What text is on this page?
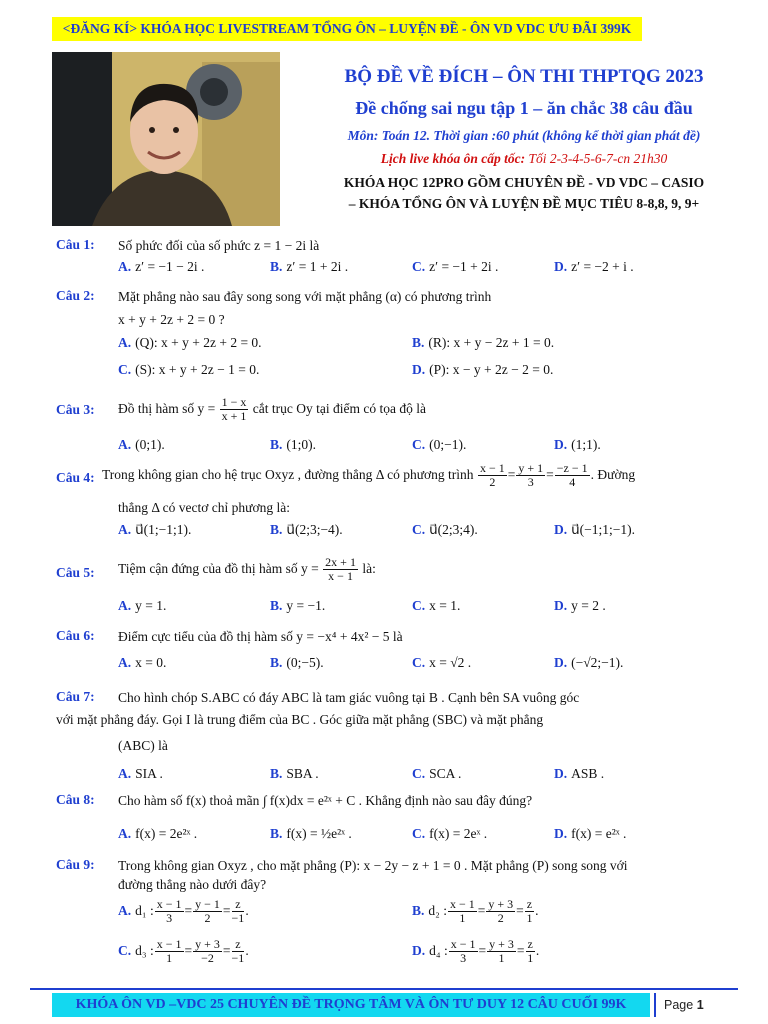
<ĐĂNG KÍ> KHÓA HỌC LIVESTREAM TỔNG ÔN – LUYỆN ĐỀ - ÔN VD VDC ƯU ĐÃI 399K
BỘ ĐỀ VỀ ĐÍCH – ÔN THI THPTQG 2023
Đề chống sai ngu tập 1 – ăn chắc 38 câu đầu
Môn: Toán 12. Thời gian :60 phút (không kể thời gian phát đề)
Lịch live khóa ôn cấp tốc: Tối 2-3-4-5-6-7-cn 21h30
KHÓA HỌC 12PRO GỒM CHUYÊN ĐỀ - VD VDC – CASIO
– KHÓA TỔNG ÔN VÀ LUYỆN ĐỀ MỤC TIÊU 8-8,8, 9, 9+
Câu 1: Số phức đối của số phức z = 1 − 2i là
A. z′ = −1 − 2i .	B. z′ = 1 + 2i .	C. z′ = −1 + 2i .	D. z′ = −2 + i .
Câu 2: Mặt phẳng nào sau đây song song với mặt phẳng (α) có phương trình
x + y + 2z + 2 = 0 ?
A. (Q): x + y + 2z + 2 = 0.	B. (R): x + y − 2z + 1 = 0.
C. (S): x + y + 2z − 1 = 0.	D. (P): x − y + 2z − 2 = 0.
Câu 3: Đồ thị hàm số $y = \frac{1 - x}{x + 1}$ cắt trục Oy tại điểm có tọa độ là
A. (0;1).	B. (1;0).	C. (0;−1).	D. (1;1).
Câu 4: Trong không gian cho hệ trục Oxyz , đường thẳng Δ có phương trình $\frac{x - 1}{2} = \frac{y + 1}{3} = \frac{-z - 1}{4}$ . Đường
thẳng Δ có vectơ chỉ phương là:
A. u⃗(1;−1;1).	B. u⃗(2;3;−4).	C. u⃗(2;3;4).	D. u⃗(−1;1;−1).
Câu 5: Tiệm cận đứng của đồ thị hàm số $y = \frac{2x + 1}{x - 1}$ là:
A. y = 1.	B. y = −1.	C. x = 1.	D. y = 2 .
Câu 6: Điểm cực tiểu của đồ thị hàm số y = −x⁴ + 4x² − 5 là
A. x = 0.	B. (0;−5).	C. x = √2 .	D. (−√2;−1).
Câu 7: Cho hình chóp S.ABC có đáy ABC là tam giác vuông tại B . Cạnh bên SA vuông góc
với mặt phẳng đáy. Gọi I là trung điểm của BC . Góc giữa mặt phẳng (SBC) và mặt phẳng
(ABC) là
A. SIA .	B. SBA .	C. SCA .	D. ASB .
Câu 8: Cho hàm số f(x) thoả mãn ∫ f(x)dx = e²ˣ + C . Khẳng định nào sau đây đúng?
A. f(x) = 2e²ˣ .	B. f(x) = ½e²ˣ .	C. f(x) = 2eˣ .	D. f(x) = e²ˣ .
Câu 9: Trong không gian Oxyz , cho mặt phẳng (P): x − 2y − z + 1 = 0 . Mặt phẳng (P) song song với
đường thẳng nào dưới đây?
A. d₁ : $\frac{x - 1}{3} = \frac{y - 1}{2} = \frac{z}{-1}$ .	B. d₂ : $\frac{x - 1}{1} = \frac{y + 3}{2} = \frac{z}{1}$ .
C. d₃ : $\frac{x - 1}{1} = \frac{y + 3}{-2} = \frac{z}{-1}$ .	D. d₄ : $\frac{x - 1}{3} = \frac{y + 3}{1} = \frac{z}{1}$ .
KHÓA ÔN VD –VDC 25 CHUYÊN ĐỀ TRỌNG TÂM VÀ ÔN TƯ DUY 12 CÂU CUỐI 99K	Page 1
